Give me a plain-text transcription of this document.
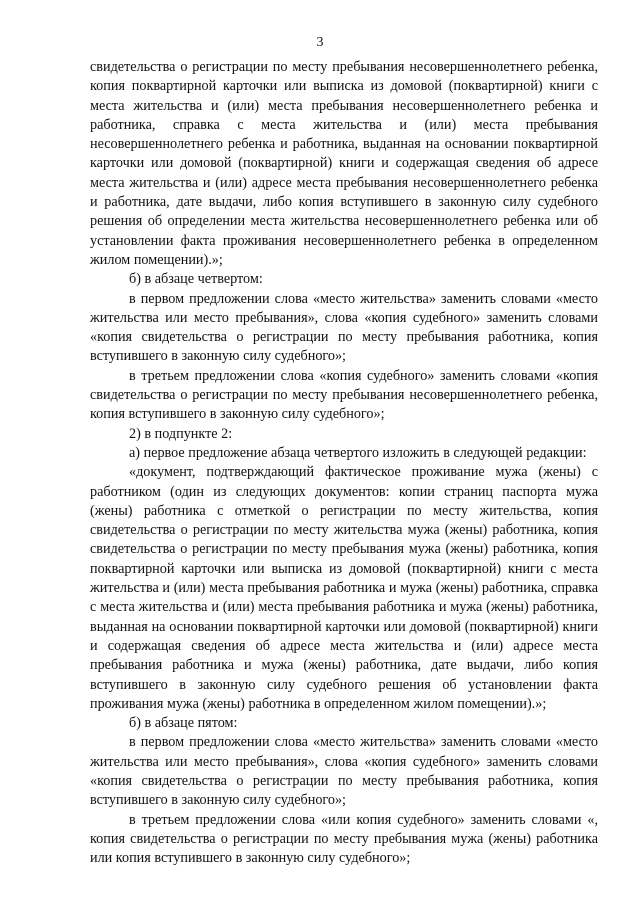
3

свидетельства о регистрации по месту пребывания несовершеннолетнего ребенка, копия поквартирной карточки или выписка из домовой (поквартирной) книги с места жительства и (или) места пребывания несовершеннолетнего ребенка и работника, справка с места жительства и (или) места пребывания несовершеннолетнего ребенка и работника, выданная на основании поквартирной карточки или домовой (поквартирной) книги и содержащая сведения об адресе места жительства и (или) адресе места пребывания несовершеннолетнего ребенка и работника, дате выдачи, либо копия вступившего в законную силу судебного решения об определении места жительства несовершеннолетнего ребенка или об установлении факта проживания несовершеннолетнего ребенка в определенном жилом помещении).»;

б) в абзаце четвертом:

в первом предложении слова «место жительства» заменить словами «место жительства или место пребывания», слова «копия судебного» заменить словами «копия свидетельства о регистрации по месту пребывания работника, копия вступившего в законную силу судебного»;

в третьем предложении слова «копия судебного» заменить словами «копия свидетельства о регистрации по месту пребывания несовершеннолетнего ребенка, копия вступившего в законную силу судебного»;

2) в подпункте 2:

а) первое предложение абзаца четвертого изложить в следующей редакции:

«документ, подтверждающий фактическое проживание мужа (жены) с работником (один из следующих документов: копии страниц паспорта мужа (жены) работника с отметкой о регистрации по месту жительства, копия свидетельства о регистрации по месту жительства мужа (жены) работника, копия свидетельства о регистрации по месту пребывания мужа (жены) работника, копия поквартирной карточки или выписка из домовой (поквартирной) книги с места жительства и (или) места пребывания работника и мужа (жены) работника, справка с места жительства и (или) места пребывания работника и мужа (жены) работника, выданная на основании поквартирной карточки или домовой (поквартирной) книги и содержащая сведения об адресе места жительства и (или) адресе места пребывания работника и мужа (жены) работника, дате выдачи, либо копия вступившего в законную силу судебного решения об установлении факта проживания мужа (жены) работника в определенном жилом помещении).»;

б) в абзаце пятом:

в первом предложении слова «место жительства» заменить словами «место жительства или место пребывания», слова «копия судебного» заменить словами «копия свидетельства о регистрации по месту пребывания работника, копия вступившего в законную силу судебного»;

в третьем предложении слова «или копия судебного» заменить словами «, копия свидетельства о регистрации по месту пребывания мужа (жены) работника или копия вступившего в законную силу судебного»;
